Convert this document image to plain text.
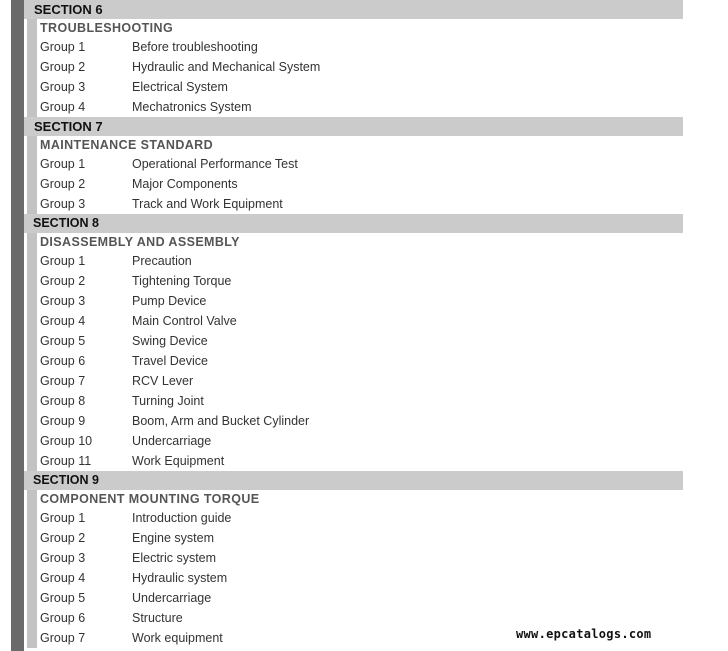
SECTION 6
TROUBLESHOOTING
Group 1	Before troubleshooting
Group 2	Hydraulic and Mechanical System
Group 3	Electrical System
Group 4	Mechatronics System
SECTION 7
MAINTENANCE STANDARD
Group 1	Operational Performance Test
Group 2	Major Components
Group 3	Track and Work Equipment
SECTION 8
DISASSEMBLY AND ASSEMBLY
Group 1	Precaution
Group 2	Tightening Torque
Group 3	Pump Device
Group 4	Main Control Valve
Group 5	Swing Device
Group 6	Travel Device
Group 7	RCV Lever
Group 8	Turning Joint
Group 9	Boom, Arm and Bucket Cylinder
Group 10	Undercarriage
Group 11	Work Equipment
SECTION 9
COMPONENT MOUNTING TORQUE
Group 1	Introduction guide
Group 2	Engine system
Group 3	Electric system
Group 4	Hydraulic system
Group 5	Undercarriage
Group 6	Structure
Group 7	Work equipment	www.epcatalogs.com
